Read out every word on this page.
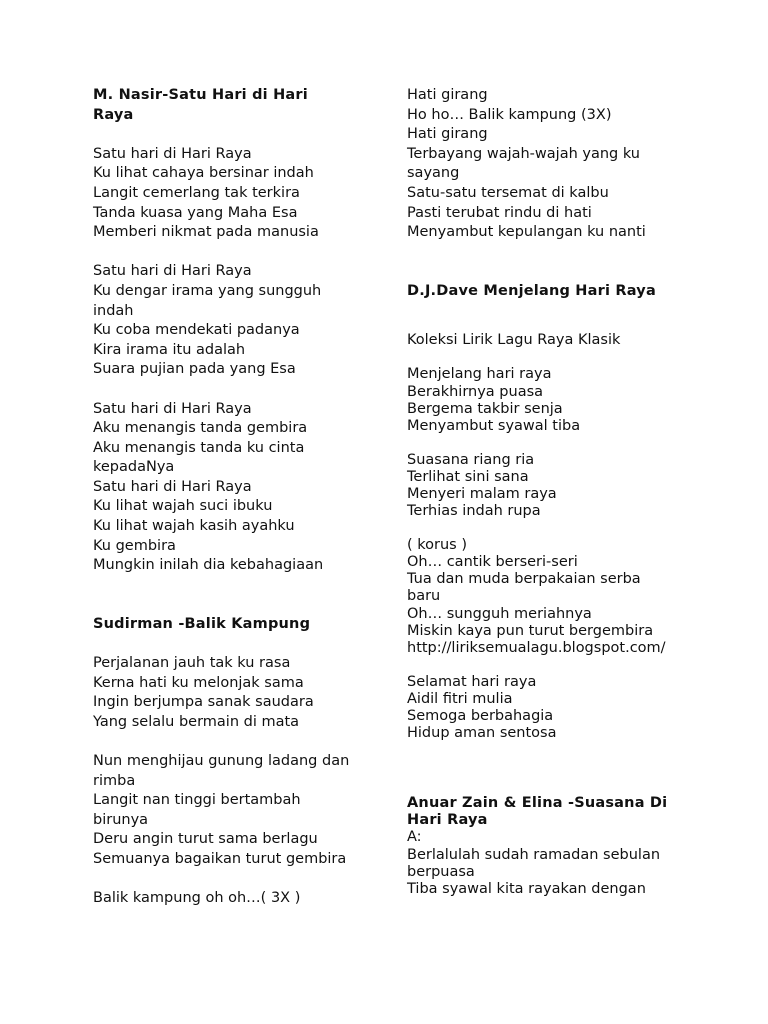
M. Nasir-Satu Hari di Hari Raya
Satu hari di Hari Raya
Ku lihat cahaya bersinar indah
Langit cemerlang tak terkira
Tanda kuasa yang Maha Esa
Memberi nikmat pada manusia
Satu hari di Hari Raya
Ku dengar irama yang sungguh indah
Ku coba mendekati padanya
Kira irama itu adalah
Suara pujian pada yang Esa
Satu hari di Hari Raya
Aku menangis tanda gembira
Aku menangis tanda ku cinta kepadaNya
Satu hari di Hari Raya
Ku lihat wajah suci ibuku
Ku lihat wajah kasih ayahku
Ku gembira
Mungkin inilah dia kebahagiaan
Sudirman -Balik Kampung
Perjalanan jauh tak ku rasa
Kerna hati ku melonjak sama
Ingin berjumpa sanak saudara
Yang selalu bermain di mata
Nun menghijau gunung ladang dan rimba
Langit nan tinggi bertambah birunya
Deru angin turut sama berlagu
Semuanya bagaikan turut gembira
Balik kampung oh oh…( 3X )
Hati girang
Ho ho… Balik kampung (3X)
Hati girang
Terbayang wajah-wajah yang ku sayang
Satu-satu tersemat di kalbu
Pasti terubat rindu di hati
Menyambut kepulangan ku nanti
D.J.Dave Menjelang Hari Raya
Koleksi Lirik Lagu Raya Klasik
Menjelang hari raya
Berakhirnya puasa
Bergema takbir senja
Menyambut syawal tiba
Suasana riang ria
Terlihat sini sana
Menyeri malam raya
Terhias indah rupa
( korus )
Oh… cantik berseri-seri
Tua dan muda berpakaian serba baru
Oh… sungguh meriahnya
Miskin kaya pun turut bergembira
http://liriksemualagu.blogspot.com/
Selamat hari raya
Aidil fitri mulia
Semoga berbahagia
Hidup aman sentosa
Anuar Zain & Elina -Suasana Di Hari Raya
A:
Berlalulah sudah ramadan sebulan berpuasa
Tiba syawal kita rayakan dengan
